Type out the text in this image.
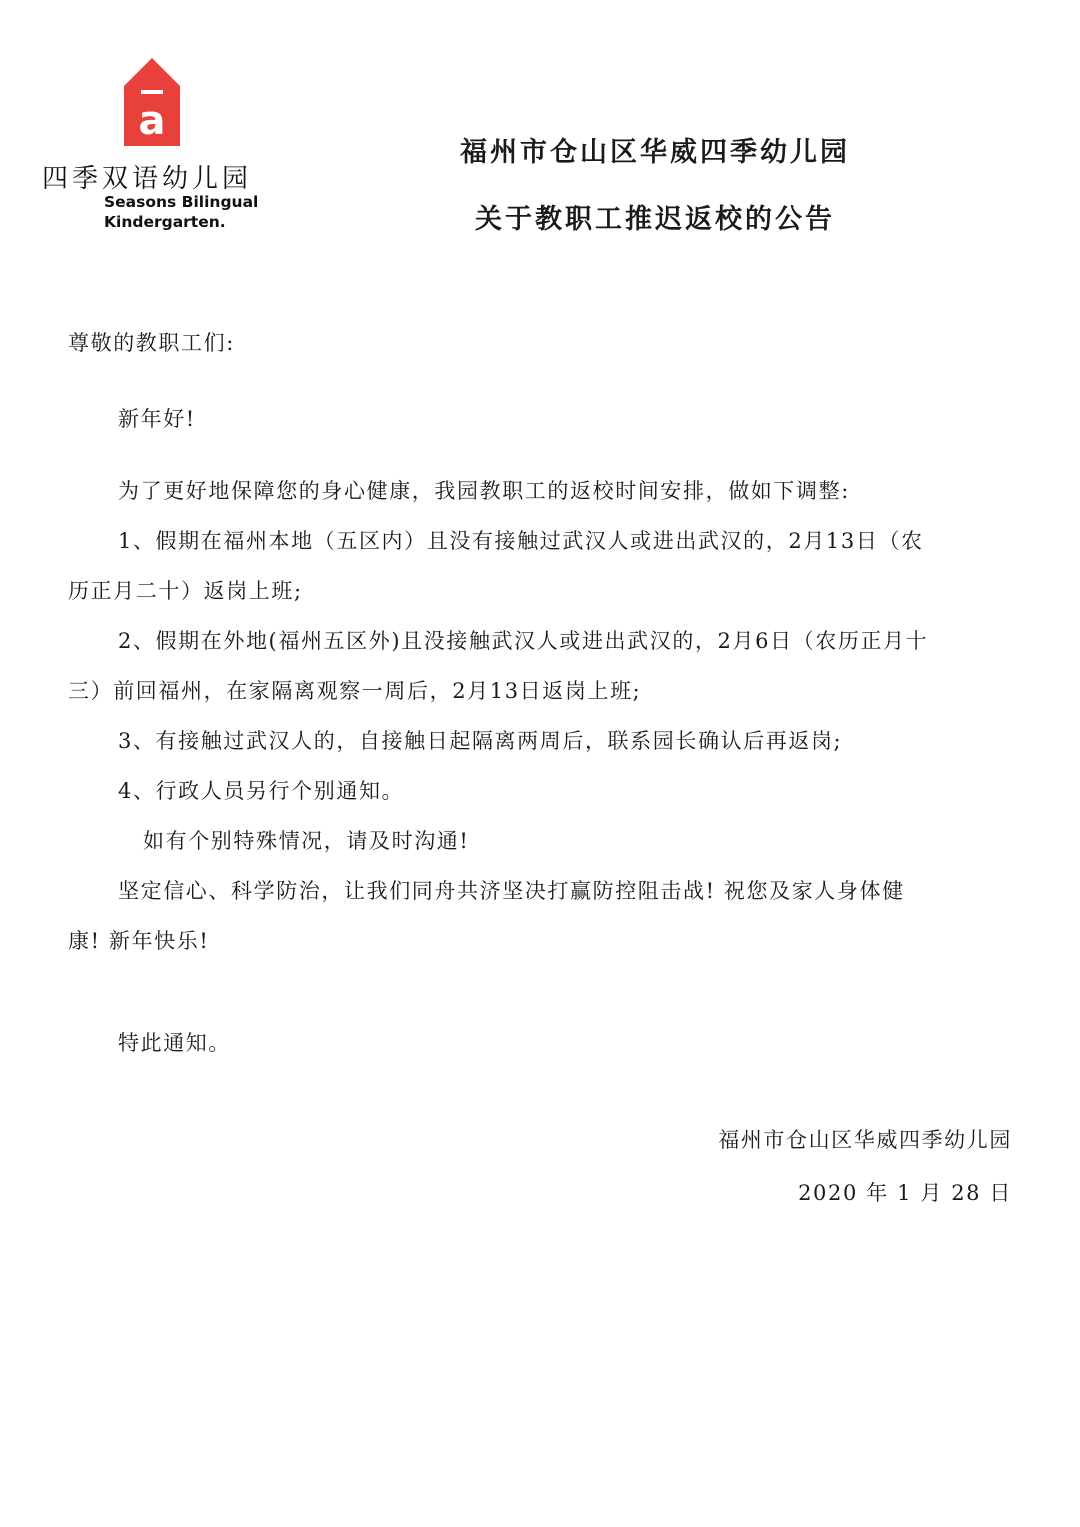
a
四季双语幼儿园
Seasons Bilingual
Kindergarten.
福州市仓山区华威四季幼儿园
关于教职工推迟返校的公告
尊敬的教职工们:
新年好!
为了更好地保障您的身心健康，我园教职工的返校时间安排，做如下调整:
1、假期在福州本地（五区内）且没有接触过武汉人或进出武汉的，2月13日（农
历正月二十）返岗上班;
2、假期在外地(福州五区外)且没接触武汉人或进出武汉的，2月6日（农历正月十
三）前回福州，在家隔离观察一周后，2月13日返岗上班;
3、有接触过武汉人的，自接触日起隔离两周后，联系园长确认后再返岗;
4、行政人员另行个别通知。
如有个别特殊情况，请及时沟通!
坚定信心、科学防治，让我们同舟共济坚决打赢防控阻击战! 祝您及家人身体健
康! 新年快乐!
特此通知。
福州市仓山区华威四季幼儿园
2020 年 1 月 28 日
